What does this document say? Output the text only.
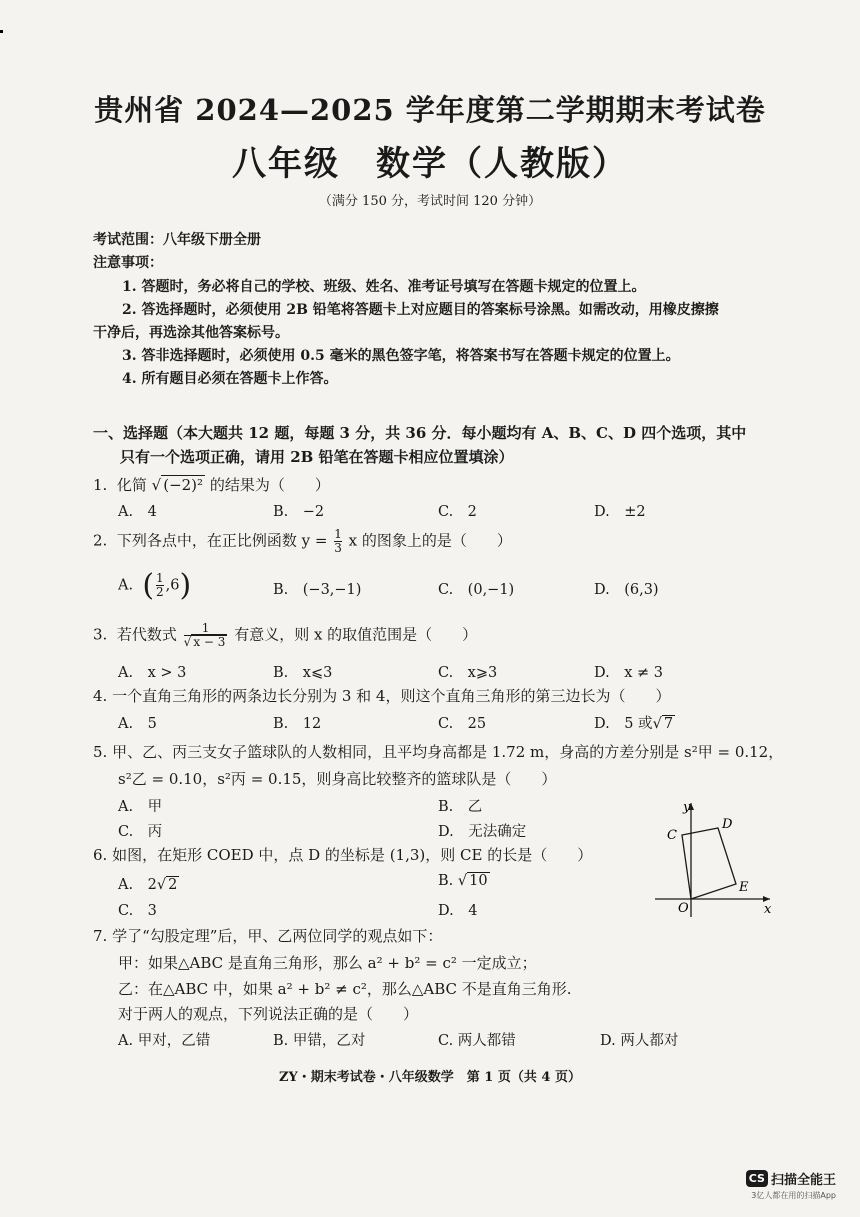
贵州省 2024—2025 学年度第二学期期末考试卷
八年级　数学（人教版）
（满分 150 分，考试时间 120 分钟）
考试范围：八年级下册全册
注意事项：
1. 答题时，务必将自己的学校、班级、姓名、准考证号填写在答题卡规定的位置上。
2. 答选择题时，必须使用 2B 铅笔将答题卡上对应题目的答案标号涂黑。如需改动，用橡皮擦擦
干净后，再选涂其他答案标号。
3. 答非选择题时，必须使用 0.5 毫米的黑色签字笔，将答案书写在答题卡规定的位置上。
4. 所有题目必须在答题卡上作答。
一、选择题（本大题共 12 题，每题 3 分，共 36 分．每小题均有 A、B、C、D 四个选项，其中
只有一个选项正确，请用 2B 铅笔在答题卡相应位置填涂）
1. 化简 √ (−2)² 的结果为（　　）
A.　4	B.　−2	C.　2	D.　±2
2. 下列各点中，在正比例函数 $y = \frac{1}{3}$ x 的图象上的是（　　）
A. ( $\frac{1}{2} ,6$)	B.　(−3,−1)	C.　(0,−1)	D.　(6,3)
3. 若代数式 $\frac{1}{√ x - 3}$ 有意义，则 x 的取值范围是（　　）
A.　x > 3	B.　x⩽3	C.　x⩾3	D.　x ≠ 3
4. 一个直角三角形的两条边长分别为 3 和 4，则这个直角三角形的第三边长为（　　）
A.　5	B.　12	C.　25	D.　5 或√ 7
5. 甲、乙、丙三支女子篮球队的人数相同，且平均身高都是 1.72 m，身高的方差分别是 s²甲 = 0.12，
s²乙 = 0.10，s²丙 = 0.15，则身高比较整齐的篮球队是（　　）
A.　甲	B.　乙
C.　丙	D.　无法确定
6. 如图，在矩形 COED 中，点 D 的坐标是 (1,3)，则 CE 的长是（　　）
A.　2√ 2	B. √ 10
C.　3	D.　4
y
x
C
D
E
O
7. 学了“勾股定理”后，甲、乙两位同学的观点如下：
甲：如果△ABC 是直角三角形，那么 a² + b² = c² 一定成立；
乙：在△ABC 中，如果 a² + b² ≠ c²，那么△ABC 不是直角三角形.
对于两人的观点，下列说法正确的是（　　）
A. 甲对，乙错	B. 甲错，乙对	C. 两人都错	D. 两人都对
ZY・期末考试卷・八年级数学　第 1 页（共 4 页）
CS 扫描全能王
3亿人都在用的扫描App
